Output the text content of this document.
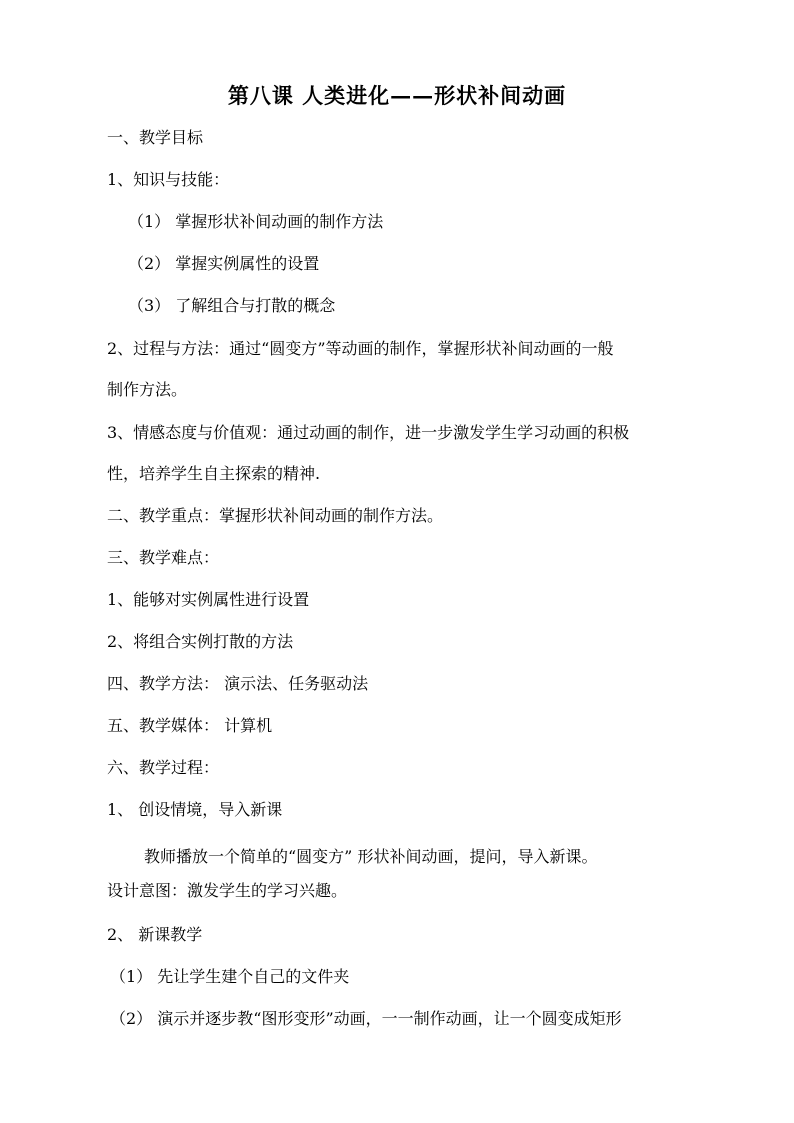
第八课 人类进化——形状补间动画
一、教学目标
1、知识与技能：
（1） 掌握形状补间动画的制作方法
（2） 掌握实例属性的设置
（3） 了解组合与打散的概念
2、过程与方法：通过“圆变方”等动画的制作，掌握形状补间动画的一般
制作方法。
3、情感态度与价值观：通过动画的制作，进一步激发学生学习动画的积极
性，培养学生自主探索的精神.
二、教学重点：掌握形状补间动画的制作方法。
三、教学难点：
1、能够对实例属性进行设置
2、将组合实例打散的方法
四、教学方法： 演示法、任务驱动法
五、教学媒体： 计算机
六、教学过程：
1、 创设情境，导入新课
教师播放一个简单的“圆变方” 形状补间动画，提问，导入新课。
设计意图：激发学生的学习兴趣。
2、 新课教学
（1） 先让学生建个自己的文件夹
（2） 演示并逐步教“图形变形”动画，一一制作动画，让一个圆变成矩形
